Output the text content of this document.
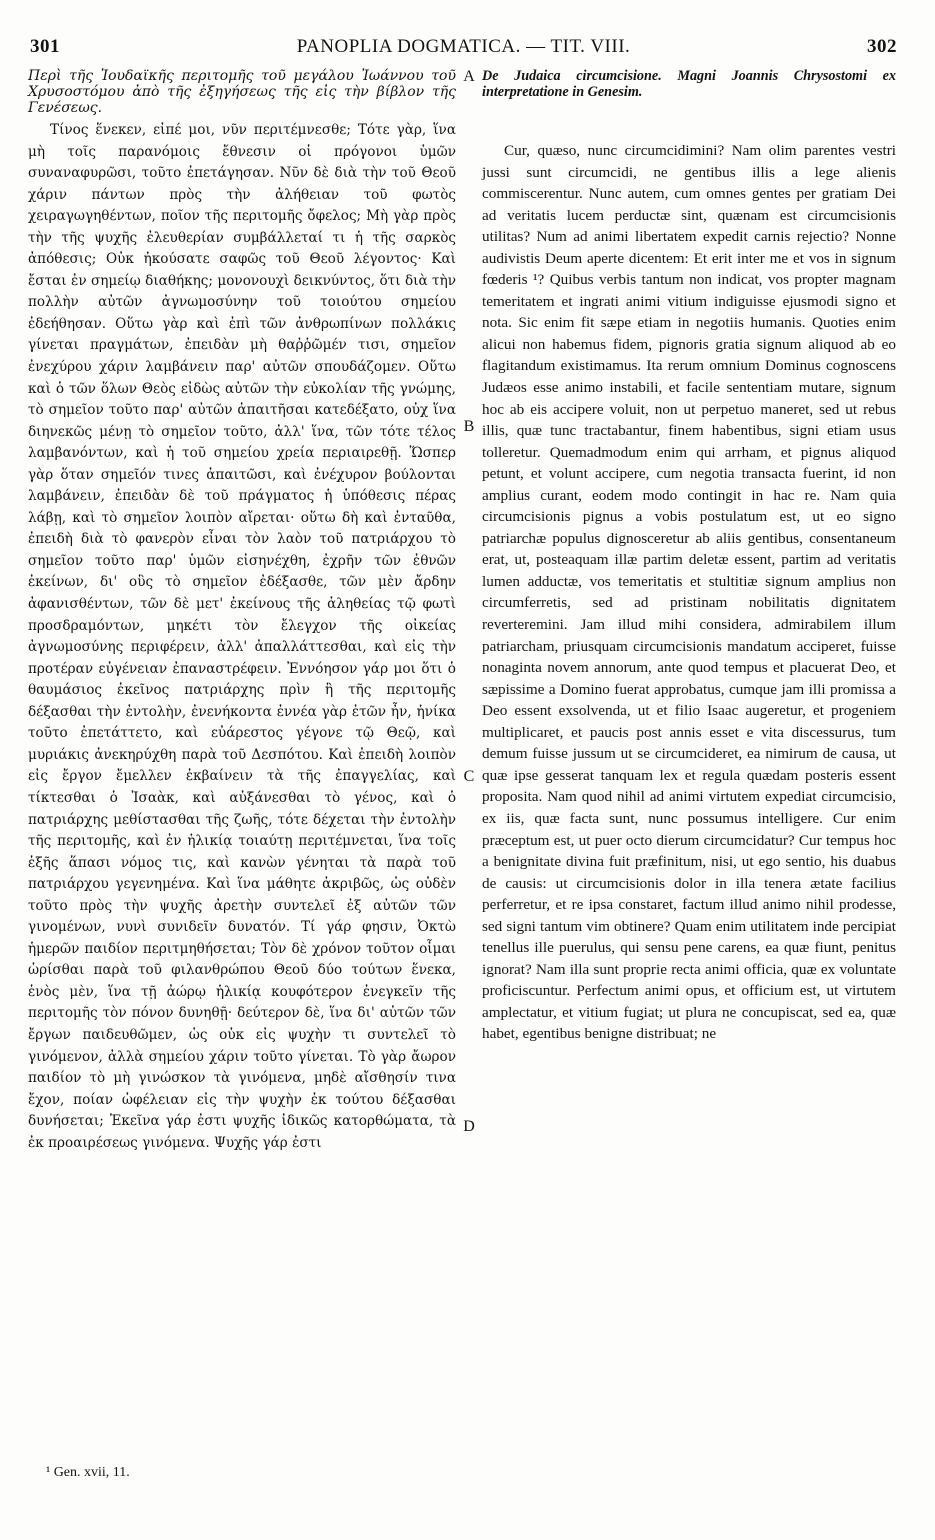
301	PANOPLIA DOGMATICA. — TIT. VIII.	302

Περὶ τῆς Ἰουδαϊκῆς περιτομῆς τοῦ μεγάλου Ἰωάννου τοῦ Χρυσοστόμου ἀπὸ τῆς ἐξηγήσεως τῆς εἰς τὴν βίβλον τῆς Γενέσεως.

Τίνος ἕνεκεν, εἰπέ μοι, νῦν περιτέμνεσθε; Τότε γὰρ, ἵνα μὴ τοῖς παρανόμοις ἔθνεσιν οἱ πρόγονοι ὑμῶν συναναφυρῶσι, τοῦτο ἐπετάγησαν. Νῦν δὲ διὰ τὴν τοῦ Θεοῦ χάριν πάντων πρὸς τὴν ἀλήθειαν τοῦ φωτὸς χειραγωγηθέντων, ποῖον τῆς περιτομῆς ὄφελος; Μὴ γὰρ πρὸς τὴν τῆς ψυχῆς ἐλευθερίαν συμβάλλεταί τι ἡ τῆς σαρκὸς ἀπόθεσις; Οὐκ ἠκούσατε σαφῶς τοῦ Θεοῦ λέγοντος· Καὶ ἔσται ἐν σημείῳ διαθήκης; μονονουχὶ δεικνύντος, ὅτι διὰ τὴν πολλὴν αὐτῶν ἀγνωμοσύνην τοῦ τοιούτου σημείου ἐδεήθησαν. Οὕτω γὰρ καὶ ἐπὶ τῶν ἀνθρωπίνων πολλάκις γίνεται πραγμάτων, ἐπειδὰν μὴ θαῤῥῶμέν τισι, σημεῖον ἐνεχύρου χάριν λαμβάνειν παρ' αὐτῶν σπουδάζομεν. Οὕτω καὶ ὁ τῶν ὅλων Θεὸς εἰδὼς αὐτῶν τὴν εὐκολίαν τῆς γνώμης, τὸ σημεῖον τοῦτο παρ' αὐτῶν ἀπαιτῆσαι κατεδέξατο, οὐχ ἵνα διηνεκῶς μένῃ τὸ σημεῖον τοῦτο, ἀλλ' ἵνα, τῶν τότε τέλος λαμβανόντων, καὶ ἡ τοῦ σημείου χρεία περιαιρεθῇ. Ὥσπερ γὰρ ὅταν σημεῖόν τινες ἀπαιτῶσι, καὶ ἐνέχυρον βούλονται λαμβάνειν, ἐπειδὰν δὲ τοῦ πράγματος ἡ ὑπόθεσις πέρας λάβῃ, καὶ τὸ σημεῖον λοιπὸν αἴρεται· οὕτω δὴ καὶ ἐνταῦθα, ἐπειδὴ διὰ τὸ φανερὸν εἶναι τὸν λαὸν τοῦ πατριάρχου τὸ σημεῖον τοῦτο παρ' ὑμῶν εἰσηνέχθη, ἐχρῆν τῶν ἐθνῶν ἐκείνων, δι' οὓς τὸ σημεῖον ἐδέξασθε, τῶν μὲν ἄρδην ἀφανισθέντων, τῶν δὲ μετ' ἐκείνους τῆς ἀληθείας τῷ φωτὶ προσδραμόντων, μηκέτι τὸν ἔλεγχον τῆς οἰκείας ἀγνωμοσύνης περιφέρειν, ἀλλ' ἀπαλλάττεσθαι, καὶ εἰς τὴν προτέραν εὐγένειαν ἐπαναστρέφειν. Ἐννόησον γάρ μοι ὅτι ὁ θαυμάσιος ἐκεῖνος πατριάρχης πρὶν ἢ τῆς περιτομῆς δέξασθαι τὴν ἐντολὴν, ἐνενήκοντα ἐννέα γὰρ ἐτῶν ἦν, ἡνίκα τοῦτο ἐπετάττετο, καὶ εὐάρεστος γέγονε τῷ Θεῷ, καὶ μυριάκις ἀνεκηρύχθη παρὰ τοῦ Δεσπότου. Καὶ ἐπειδὴ λοιπὸν εἰς ἔργον ἔμελλεν ἐκβαίνειν τὰ τῆς ἐπαγγελίας, καὶ τίκτεσθαι ὁ Ἰσαὰκ, καὶ αὐξάνεσθαι τὸ γένος, καὶ ὁ πατριάρχης μεθίστασθαι τῆς ζωῆς, τότε δέχεται τὴν ἐντολὴν τῆς περιτομῆς, καὶ ἐν ἡλικίᾳ τοιαύτῃ περιτέμνεται, ἵνα τοῖς ἑξῆς ἅπασι νόμος τις, καὶ κανὼν γένηται τὰ παρὰ τοῦ πατριάρχου γεγενημένα. Καὶ ἵνα μάθητε ἀκριβῶς, ὡς οὐδὲν τοῦτο πρὸς τὴν ψυχῆς ἀρετὴν συντελεῖ ἐξ αὐτῶν τῶν γινομένων, νυνὶ συνιδεῖν δυνατόν. Τί γάρ φησιν, Ὀκτὼ ἡμερῶν παιδίον περιτμηθήσεται; Τὸν δὲ χρόνον τοῦτον οἶμαι ὡρίσθαι παρὰ τοῦ φιλανθρώπου Θεοῦ δύο τούτων ἕνεκα, ἑνὸς μὲν, ἵνα τῇ ἀώρῳ ἡλικίᾳ κουφότερον ἐνεγκεῖν τῆς περιτομῆς τὸν πόνον δυνηθῇ· δεύτερον δὲ, ἵνα δι' αὐτῶν τῶν ἔργων παιδευθῶμεν, ὡς οὐκ εἰς ψυχὴν τι συντελεῖ τὸ γινόμενον, ἀλλὰ σημείου χάριν τοῦτο γίνεται. Τὸ γὰρ ἄωρον παιδίον τὸ μὴ γινώσκον τὰ γινόμενα, μηδὲ αἴσθησίν τινα ἔχον, ποίαν ὠφέλειαν εἰς τὴν ψυχὴν ἐκ τούτου δέξασθαι δυνήσεται; Ἐκεῖνα γάρ ἐστι ψυχῆς ἰδικῶς κατορθώματα, τὰ ἐκ προαιρέσεως γινόμενα. Ψυχῆς γάρ ἐστι

A
B
C
D

De Judaica circumcisione. Magni Joannis Chrysostomi ex interpretatione in Genesim.

Cur, quæso, nunc circumcidimini? Nam olim parentes vestri jussi sunt circumcidi, ne gentibus illis a lege alienis commiscerentur. Nunc autem, cum omnes gentes per gratiam Dei ad veritatis lucem perductæ sint, quænam est circumcisionis utilitas? Num ad animi libertatem expedit carnis rejectio? Nonne audivistis Deum aperte dicentem: Et erit inter me et vos in signum fœderis ¹? Quibus verbis tantum non indicat, vos propter magnam temeritatem et ingrati animi vitium indiguisse ejusmodi signo et nota. Sic enim fit sæpe etiam in negotiis humanis. Quoties enim alicui non habemus fidem, pignoris gratia signum aliquod ab eo flagitandum existimamus. Ita rerum omnium Dominus cognoscens Judæos esse animo instabili, et facile sententiam mutare, signum hoc ab eis accipere voluit, non ut perpetuo maneret, sed ut rebus illis, quæ tunc tractabantur, finem habentibus, signi etiam usus tolleretur. Quemadmodum enim qui arrham, et pignus aliquod petunt, et volunt accipere, cum negotia transacta fuerint, id non amplius curant, eodem modo contingit in hac re. Nam quia circumcisionis pignus a vobis postulatum est, ut eo signo patriarchæ populus dignosceretur ab aliis gentibus, consentaneum erat, ut, posteaquam illæ partim deletæ essent, partim ad veritatis lumen adductæ, vos temeritatis et stultitiæ signum amplius non circumferretis, sed ad pristinam nobilitatis dignitatem reverteremini. Jam illud mihi considera, admirabilem illum patriarcham, priusquam circumcisionis mandatum acciperet, fuisse nonaginta novem annorum, ante quod tempus et placuerat Deo, et sæpissime a Domino fuerat approbatus, cumque jam illi promissa a Deo essent exsolvenda, ut et filio Isaac augeretur, et progeniem multiplicaret, et paucis post annis esset e vita discessurus, tum demum fuisse jussum ut se circumcideret, ea nimirum de causa, ut quæ ipse gesserat tanquam lex et regula quædam posteris essent proposita. Nam quod nihil ad animi virtutem expediat circumcisio, ex iis, quæ facta sunt, nunc possumus intelligere. Cur enim præceptum est, ut puer octo dierum circumcidatur? Cur tempus hoc a benignitate divina fuit præfinitum, nisi, ut ego sentio, his duabus de causis: ut circumcisionis dolor in illa tenera ætate facilius perferretur, et re ipsa constaret, factum illud animo nihil prodesse, sed signi tantum vim obtinere? Quam enim utilitatem inde percipiat tenellus ille puerulus, qui sensu pene carens, ea quæ fiunt, penitus ignorat? Nam illa sunt proprie recta animi officia, quæ ex voluntate proficiscuntur. Perfectum animi opus, et officium est, ut virtutem amplectatur, et vitium fugiat; ut plura ne concupiscat, sed ea, quæ habet, egentibus benigne distribuat; ne

¹ Gen. xvii, 11.
